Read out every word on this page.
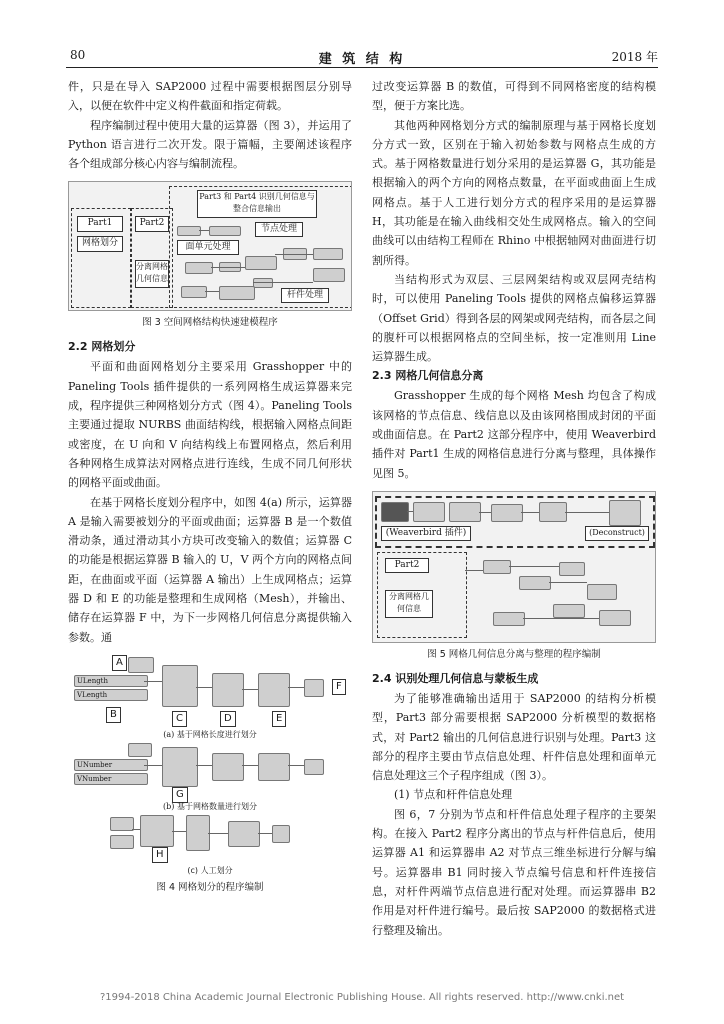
80	建 筑 结 构	2018 年

件，只是在导入 SAP2000 过程中需要根据图层分别导入，以便在软件中定义构件截面和指定荷载。

程序编制过程中使用大量的运算器（图 3），并运用了 Python 语言进行二次开发。限于篇幅，主要阐述该程序各个组成部分核心内容与编制流程。

Part1
网格划分
Part2
分离网格几何信息
Part3 和 Part4 识别几何信息与整合信息输出
节点处理
面单元处理
杆件处理
图 3 空间网格结构快速建模程序
2.2 网格划分

平面和曲面网格划分主要采用 Grasshopper 中的 Paneling Tools 插件提供的一系列网格生成运算器来完成，程序提供三种网格划分方式（图 4）。Paneling Tools 主要通过提取 NURBS 曲面结构线，根据输入网格点间距或密度，在 U 向和 V 向结构线上布置网格点，然后利用各种网格生成算法对网格点进行连线，生成不同几何形状的网格平面或曲面。

在基于网格长度划分程序中，如图 4(a) 所示，运算器 A 是输入需要被划分的平面或曲面；运算器 B 是一个数值滑动条，通过滑动其小方块可改变输入的数值；运算器 C 的功能是根据运算器 B 输入的 U，V 两个方向的网格点间距，在曲面或平面（运算器 A 输出）上生成网格点；运算器 D 和 E 的功能是整理和生成网格（Mesh），并输出、储存在运算器 F 中，为下一步网格几何信息分离提供输入参数。通

A
ULength
VLength
B	C	D	E
F
(a) 基于网格长度进行划分
UNumber
VNumber
G
(b) 基于网格数量进行划分
H
(c) 人工划分
图 4 网格划分的程序编制

过改变运算器 B 的数值，可得到不同网格密度的结构模型，便于方案比选。

其他两种网格划分方式的编制原理与基于网格长度划分方式一致，区别在于输入初始参数与网格点生成的方式。基于网格数量进行划分采用的是运算器 G，其功能是根据输入的两个方向的网格点数量，在平面或曲面上生成网格点。基于人工进行划分方式的程序采用的是运算器 H，其功能是在输入曲线相交处生成网格点。输入的空间曲线可以由结构工程师在 Rhino 中根据轴网对曲面进行切割所得。

当结构形式为双层、三层网架结构或双层网壳结构时，可以使用 Paneling Tools 提供的网格点偏移运算器（Offset Grid）得到各层的网架或网壳结构，而各层之间的腹杆可以根据网格点的空间坐标，按一定准则用 Line 运算器生成。

2.3 网格几何信息分离

Grasshopper 生成的每个网格 Mesh 均包含了构成该网格的节点信息、线信息以及由该网格围成封闭的平面或曲面信息。在 Part2 这部分程序中，使用 Weaverbird 插件对 Part1 生成的网格信息进行分离与整理，具体操作见图 5。

(Weaverbird 插件)	(Deconstruct)
Part2
分离网格几何信息
图 5 网格几何信息分离与整理的程序编制
2.4 识别处理几何信息与蒙板生成

为了能够准确输出适用于 SAP2000 的结构分析模型，Part3 部分需要根据 SAP2000 分析模型的数据格式，对 Part2 输出的几何信息进行识别与处理。Part3 这部分的程序主要由节点信息处理、杆件信息处理和面单元信息处理这三个子程序组成（图 3）。

(1) 节点和杆件信息处理

图 6，7 分别为节点和杆件信息处理子程序的主要架构。在接入 Part2 程序分离出的节点与杆件信息后，使用运算器 A1 和运算器串 A2 对节点三维坐标进行分解与编号。运算器串 B1 同时接入节点编号信息和杆件连接信息，对杆件两端节点信息进行配对处理。而运算器串 B2 作用是对杆件进行编号。最后按 SAP2000 的数据格式进行整理及输出。

?1994-2018 China Academic Journal Electronic Publishing House. All rights reserved. http://www.cnki.net
